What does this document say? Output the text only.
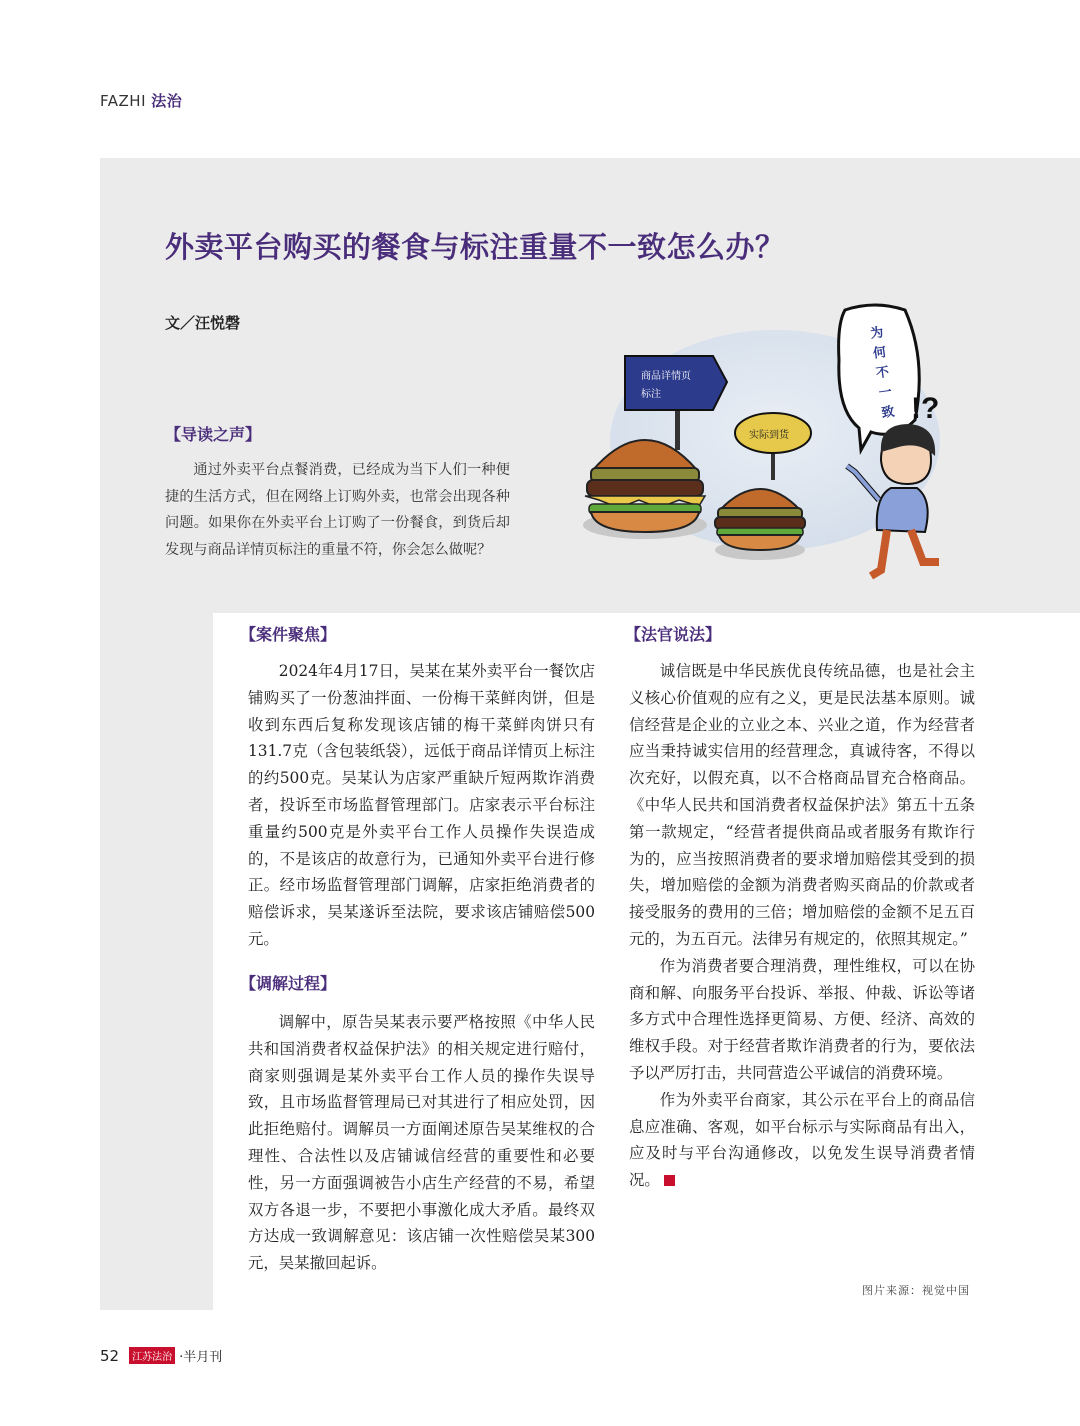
FAZHI 法治
外卖平台购买的餐食与标注重量不一致怎么办？
文／汪悦磬
【导读之声】
通过外卖平台点餐消费，已经成为当下人们一种便捷的生活方式，但在网络上订购外卖，也常会出现各种问题。如果你在外卖平台上订购了一份餐食，到货后却发现与商品详情页标注的重量不符，你会怎么做呢？
商品详情页
标注
实际到货
为何不一致 !?
【案件聚焦】

2024年4月17日，吴某在某外卖平台一餐饮店铺购买了一份葱油拌面、一份梅干菜鲜肉饼，但是收到东西后复称发现该店铺的梅干菜鲜肉饼只有131.7克（含包装纸袋），远低于商品详情页上标注的约500克。吴某认为店家严重缺斤短两欺诈消费者，投诉至市场监督管理部门。店家表示平台标注重量约500克是外卖平台工作人员操作失误造成的，不是该店的故意行为，已通知外卖平台进行修正。经市场监督管理部门调解，店家拒绝消费者的赔偿诉求，吴某遂诉至法院，要求该店铺赔偿500元。

【调解过程】

调解中，原告吴某表示要严格按照《中华人民共和国消费者权益保护法》的相关规定进行赔付，商家则强调是某外卖平台工作人员的操作失误导致，且市场监督管理局已对其进行了相应处罚，因此拒绝赔付。调解员一方面阐述原告吴某维权的合理性、合法性以及店铺诚信经营的重要性和必要性，另一方面强调被告小店生产经营的不易，希望双方各退一步，不要把小事激化成大矛盾。最终双方达成一致调解意见：该店铺一次性赔偿吴某300元，吴某撤回起诉。

【法官说法】

诚信既是中华民族优良传统品德，也是社会主义核心价值观的应有之义，更是民法基本原则。诚信经营是企业的立业之本、兴业之道，作为经营者应当秉持诚实信用的经营理念，真诚待客，不得以次充好，以假充真，以不合格商品冒充合格商品。《中华人民共和国消费者权益保护法》第五十五条第一款规定，“经营者提供商品或者服务有欺诈行为的，应当按照消费者的要求增加赔偿其受到的损失，增加赔偿的金额为消费者购买商品的价款或者接受服务的费用的三倍；增加赔偿的金额不足五百元的，为五百元。法律另有规定的，依照其规定。”

作为消费者要合理消费，理性维权，可以在协商和解、向服务平台投诉、举报、仲裁、诉讼等诸多方式中合理性选择更简易、方便、经济、高效的维权手段。对于经营者欺诈消费者的行为，要依法予以严厉打击，共同营造公平诚信的消费环境。

作为外卖平台商家，其公示在平台上的商品信息应准确、客观，如平台标示与实际商品有出入，应及时与平台沟通修改，以免发生误导消费者情况。

图片来源：视觉中国
52 江苏法治 ·半月刊
